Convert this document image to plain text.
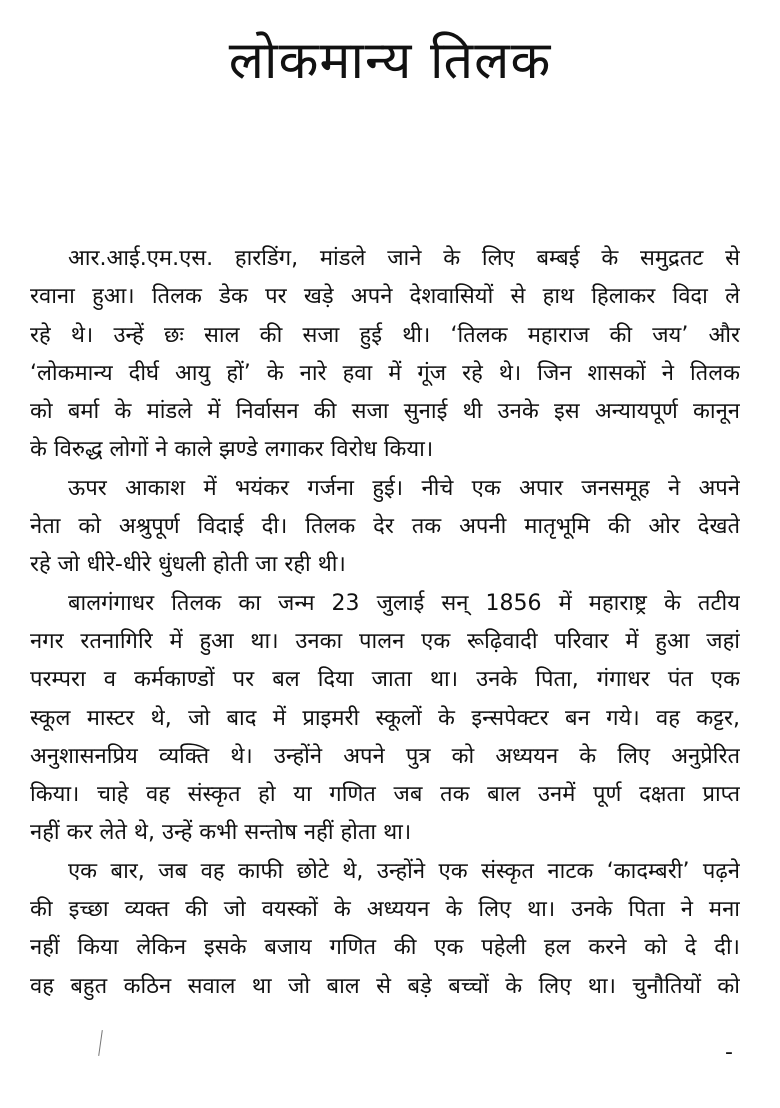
लोकमान्य तिलक
आर.आई.एम.एस. हारडिंग, मांडले जाने के लिए बम्बई के समुद्रतट से
रवाना हुआ। तिलक डेक पर खड़े अपने देशवासियों से हाथ हिलाकर विदा ले
रहे थे। उन्हें छः साल की सजा हुई थी। ‘तिलक महाराज की जय’ और
‘लोकमान्य दीर्घ आयु हों’ के नारे हवा में गूंज रहे थे। जिन शासकों ने तिलक
को बर्मा के मांडले में निर्वासन की सजा सुनाई थी उनके इस अन्यायपूर्ण कानून
के विरुद्ध लोगों ने काले झण्डे लगाकर विरोध किया।
ऊपर आकाश में भयंकर गर्जना हुई। नीचे एक अपार जनसमूह ने अपने
नेता को अश्रुपूर्ण विदाई दी। तिलक देर तक अपनी मातृभूमि की ओर देखते
रहे जो धीरे-धीरे धुंधली होती जा रही थी।
बालगंगाधर तिलक का जन्म 23 जुलाई सन् 1856 में महाराष्ट्र के तटीय
नगर रतनागिरि में हुआ था। उनका पालन एक रूढ़िवादी परिवार में हुआ जहां
परम्परा व कर्मकाण्डों पर बल दिया जाता था। उनके पिता, गंगाधर पंत एक
स्कूल मास्टर थे, जो बाद में प्राइमरी स्कूलों के इन्सपेक्टर बन गये। वह कट्टर,
अनुशासनप्रिय व्यक्ति थे। उन्होंने अपने पुत्र को अध्ययन के लिए अनुप्रेरित
किया। चाहे वह संस्कृत हो या गणित जब तक बाल उनमें पूर्ण दक्षता प्राप्त
नहीं कर लेते थे, उन्हें कभी सन्तोष नहीं होता था।
एक बार, जब वह काफी छोटे थे, उन्होंने एक संस्कृत नाटक ‘कादम्बरी’ पढ़ने
की इच्छा व्यक्त की जो वयस्कों के अध्ययन के लिए था। उनके पिता ने मना
नहीं किया लेकिन इसके बजाय गणित की एक पहेली हल करने को दे दी।
वह बहुत कठिन सवाल था जो बाल से बड़े बच्चों के लिए था। चुनौतियों को
-
